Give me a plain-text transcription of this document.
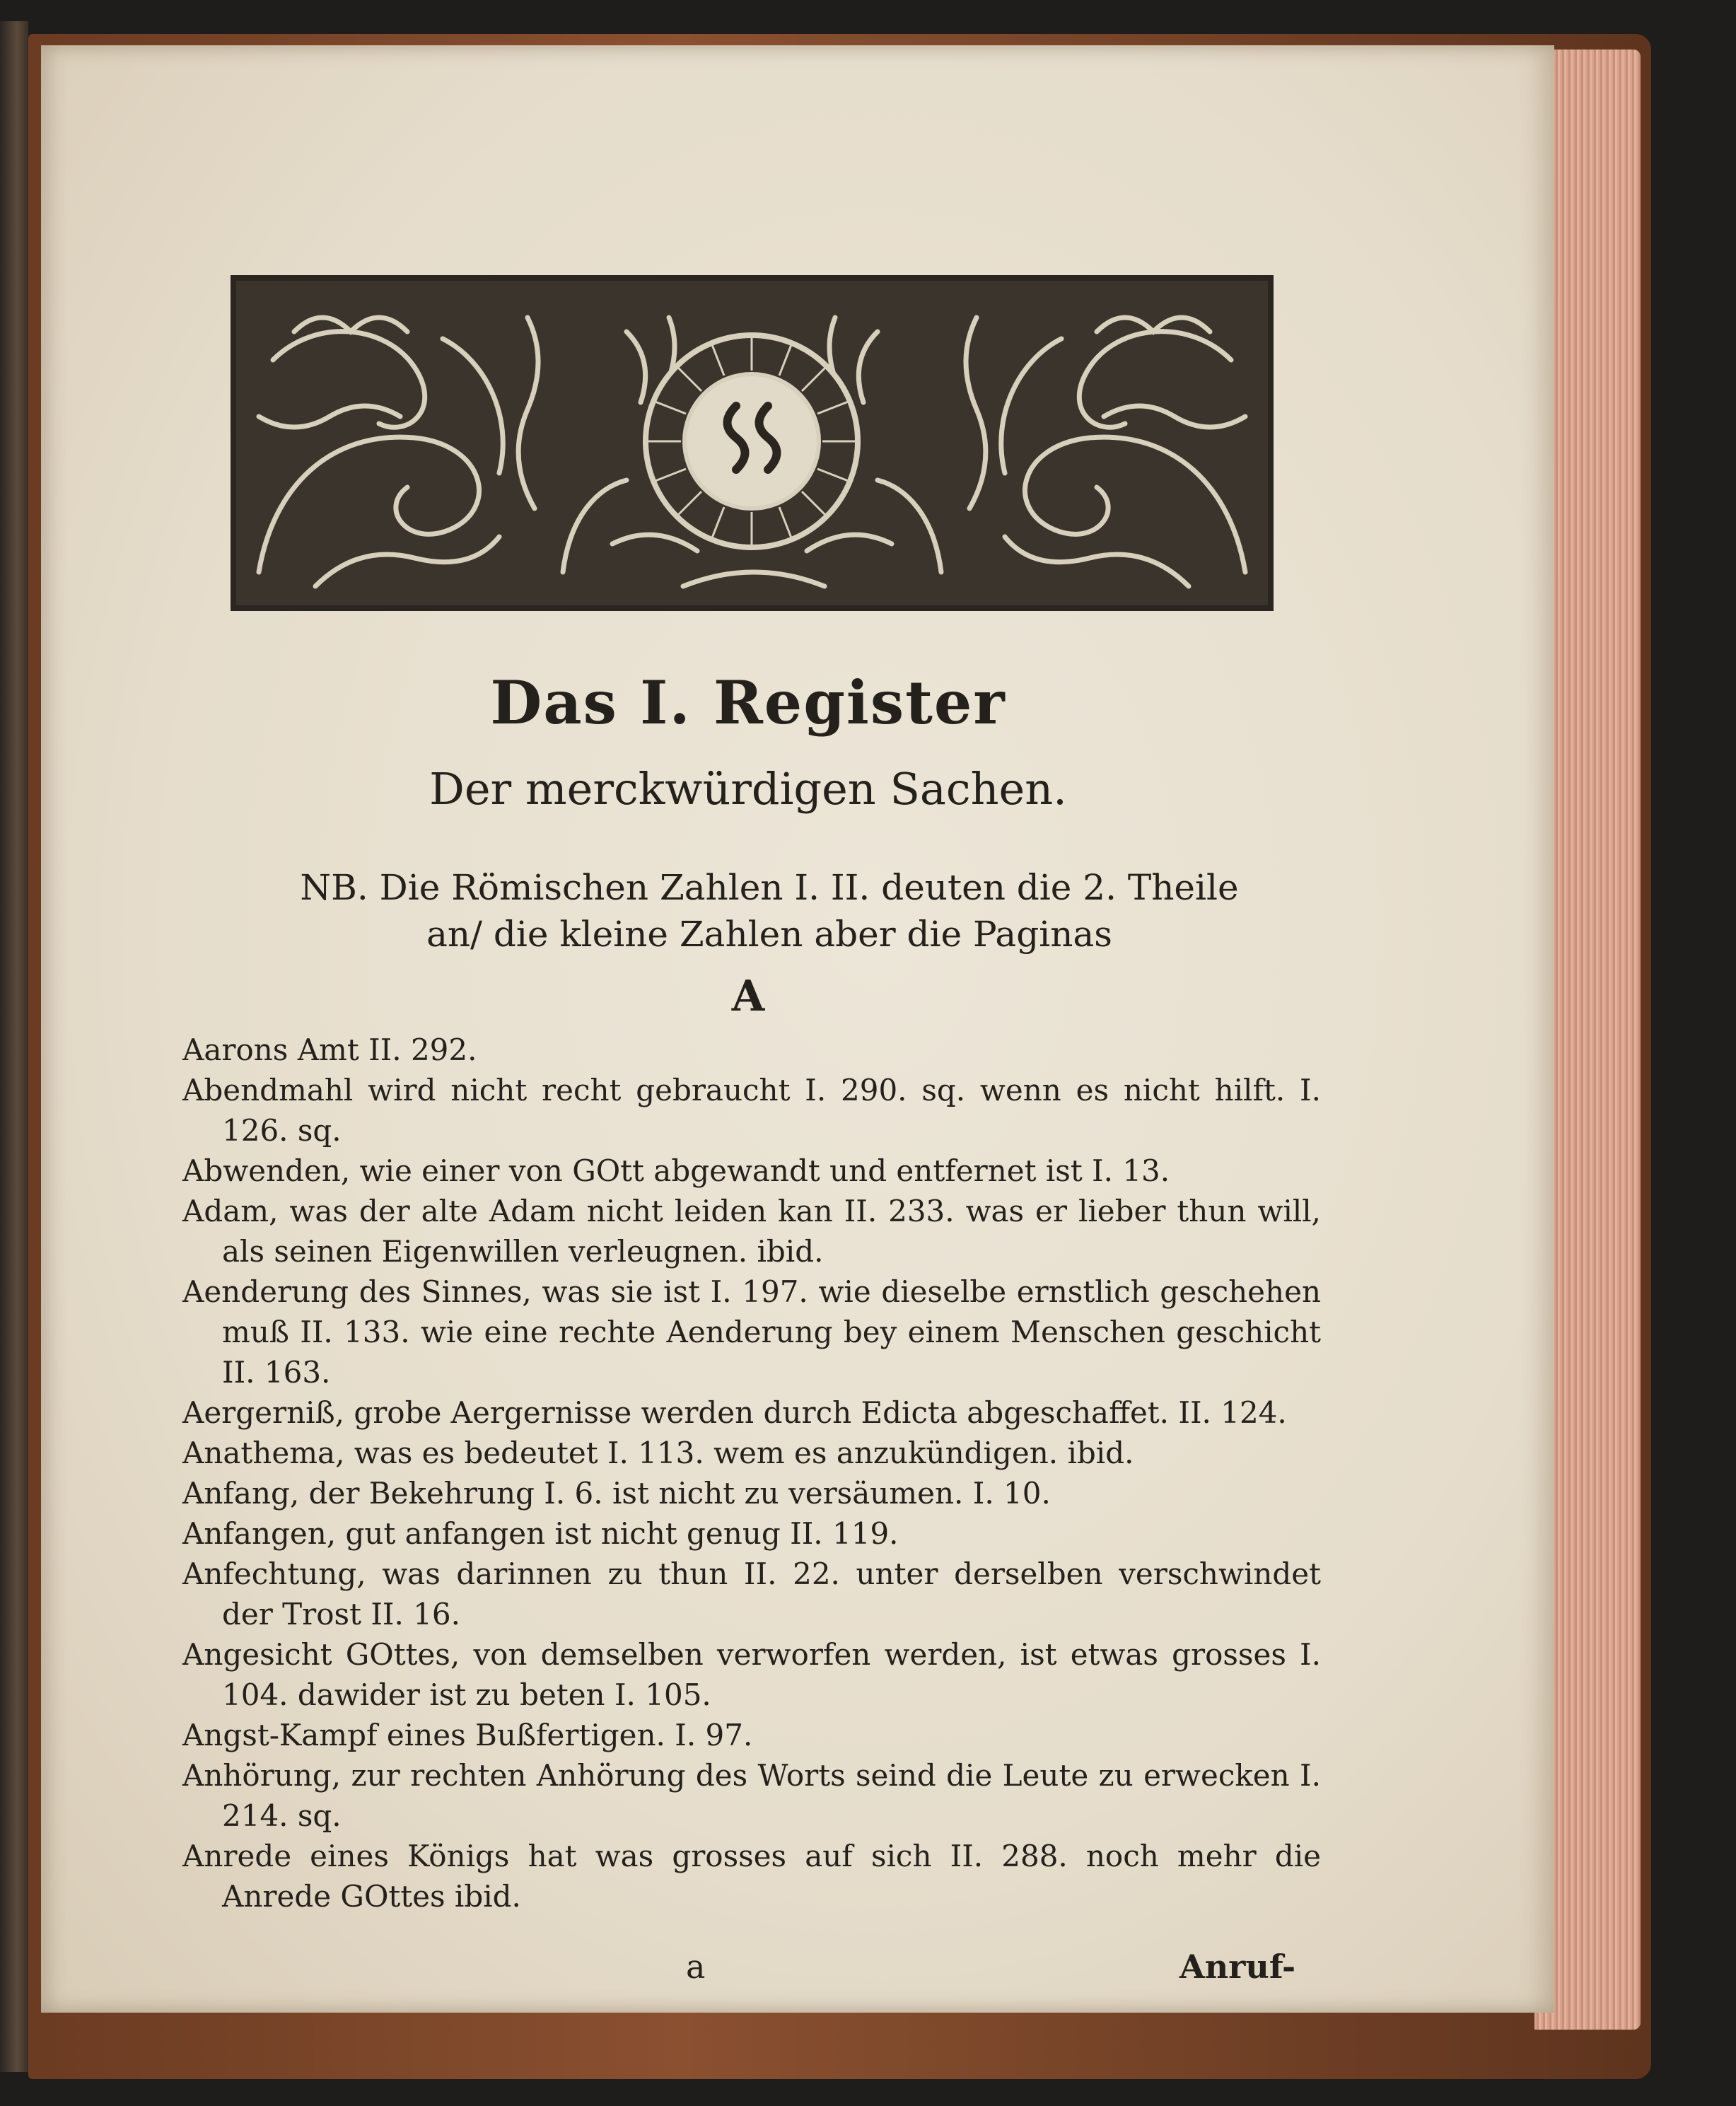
Das I. Register
Der merckwürdigen Sachen.
NB. Die Römischen Zahlen I. II. deuten die 2. Theile
an/ die kleine Zahlen aber die Paginas
A
Aarons Amt II. 292.
Abendmahl wird nicht recht gebraucht I. 290. sq. wenn es nicht hilft. I. 126. sq.
Abwenden, wie einer von GOtt abgewandt und entfernet ist I. 13.
Adam, was der alte Adam nicht leiden kan II. 233. was er lieber thun will, als seinen Eigenwillen verleugnen. ibid.
Aenderung des Sinnes, was sie ist I. 197. wie dieselbe ernstlich geschehen muß II. 133. wie eine rechte Aenderung bey einem Menschen geschicht II. 163.
Aergerniß, grobe Aergernisse werden durch Edicta abgeschaffet. II. 124.
Anathema, was es bedeutet I. 113. wem es anzukündigen. ibid.
Anfang, der Bekehrung I. 6. ist nicht zu versäumen. I. 10.
Anfangen, gut anfangen ist nicht genug II. 119.
Anfechtung, was darinnen zu thun II. 22. unter derselben verschwindet der Trost II. 16.
Angesicht GOttes, von demselben verworfen werden, ist etwas grosses I. 104. dawider ist zu beten I. 105.
Angst-Kampf eines Bußfertigen. I. 97.
Anhörung, zur rechten Anhörung des Worts seind die Leute zu erwecken I. 214. sq.
Anrede eines Königs hat was grosses auf sich II. 288. noch mehr die Anrede GOttes ibid.
a	Anruf-
